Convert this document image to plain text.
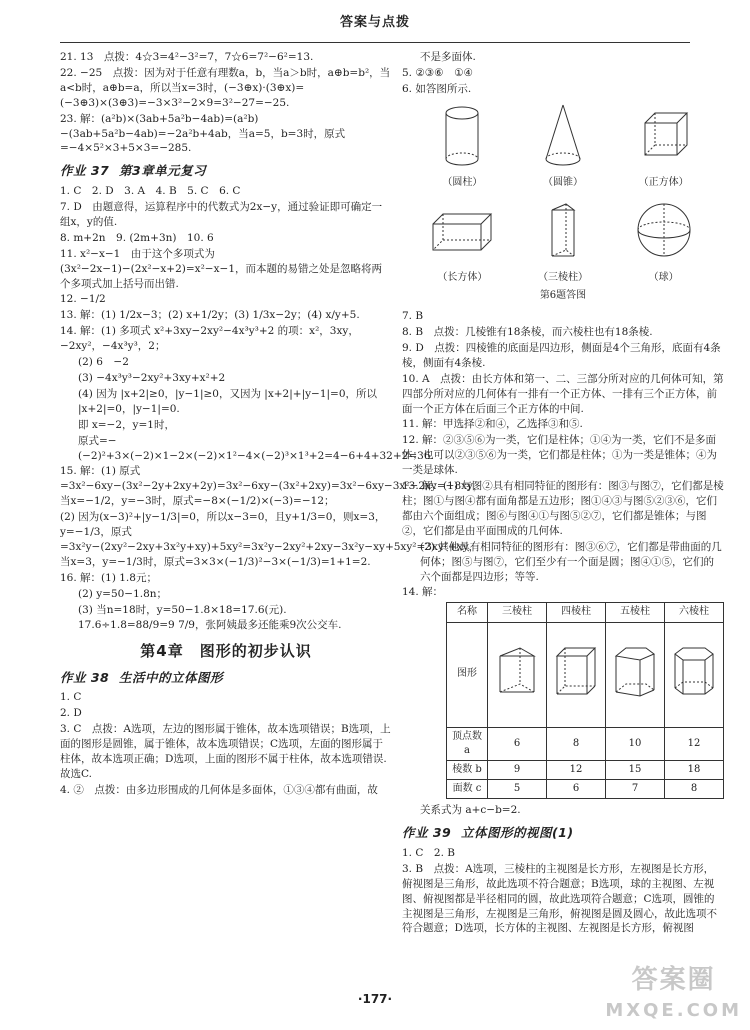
答案与点拨

21. 13　点拨：4☆3=4²−3²=7，7☆6=7²−6²=13.

22. −25　点拨：因为对于任意有理数a，b，当a＞b时，a⊕b=b²，当a<b时，a⊕b=a，所以当x=3时，(−3⊕x)·(3⊕x)=(−3⊕3)×(3⊕3)=−3×3²−2×9=3²−27=−25.

23. 解：(a²b)×(3ab+5a²b−4ab)=(a²b)−(3ab+5a²b−4ab)=−2a²b+4ab，当a=5，b=3时，原式=−4×5²×3+5×3=−285.

作业 37 第3章单元复习

1. C　2. D　3. A　4. B　5. C　6. C

7. D　由题意得，运算程序中的代数式为2x−y，通过验证即可确定一组x，y的值.

8. m+2n　9. (2m+3n)　10. 6

11. x²−x−1　由于这个多项式为(3x²−2x−1)−(2x²−x+2)=x²−x−1，而本题的易错之处是忽略将两个多项式加上括号而出错.

12. −1/2

13. 解：(1) 1/2x−3；(2) x+1/2y；(3) 1/3x−2y；(4) x/y+5.

14. 解：(1) 多项式 x²+3xy−2xy²−4x³y³+2 的项：x²，3xy，−2xy²，−4x³y³，2；

(2) 6　−2

(3) −4x³y³−2xy²+3xy+x²+2

(4) 因为 |x+2|≥0，|y−1|≥0，又因为 |x+2|+|y−1|=0，所以 |x+2|=0，|y−1|=0.

即 x=−2，y=1时，

原式=−(−2)²+3×(−2)×1−2×(−2)×1²−4×(−2)³×1³+2=4−6+4+32+2=36.

15. 解：(1) 原式=3x²−6xy−(3x²−2y+2xy+2y)=3x²−6xy−(3x²+2xy)=3x²−6xy−3x²−2xy=−8xy，当x=−1/2，y=−3时，原式=−8×(−1/2)×(−3)=−12；

(2) 因为(x−3)²+|y−1/3|=0，所以x−3=0，且y+1/3=0，则x=3，y=−1/3，原式=3x²y−(2xy²−2xy+3x²y+xy)+5xy²=3x²y−2xy²+2xy−3x²y−xy+5xy²=3xy²+xy，当x=3，y=−1/3时，原式=3×3×(−1/3)²−3×(−1/3)=1+1=2.

16. 解：(1) 1.8元；

(2) y=50−1.8n；

(3) 当n=18时，y=50−1.8×18=17.6(元).

17.6÷1.8=88/9=9 7/9，张阿姨最多还能乘9次公交车.

第4章　图形的初步认识
作业 38 生活中的立体图形

1. C

2. D

3. C　点拨：A选项，左边的图形属于锥体，故本选项错误；B选项，上面的图形是圆锥，属于锥体，故本选项错误；C选项，左面的图形属于柱体，故本选项正确；D选项，上面的图形不属于柱体，故本选项错误. 故选C.

4. ②　点拨：由多边形围成的几何体是多面体，①③④都有曲面，故

不是多面体.

5. ②③⑥　①④

6. 如答图所示.

（圆柱）	（圆锥）	（正方体）
（长方体）	（三棱柱）	（球）
第6题答图

7. B

8. B　点拨：几棱锥有18条棱，而六棱柱也有18条棱.

9. D　点拨：四棱锥的底面是四边形，侧面是4个三角形，底面有4条棱，侧面有4条棱.

10. A　点拨：由长方体和第一、二、三部分所对应的几何体可知，第四部分所对应的几何体有一排有一个正方体、一排有三个正方体，前面一个正方体在后面三个正方体的中间.

11. 解：甲选择②和④，乙选择③和⑤.

12. 解：②③⑤⑥为一类，它们是柱体；①④为一类，它们不是多面体；也可以②③⑤⑥为一类，它们都是柱体；①为一类是锥体；④为一类是球体.

13. 解：(1) 与图②具有相同特征的图形有：图③与图⑦，它们都是棱柱；图①与图④都有面角都是五边形；图①④③与图⑤②③⑥，它们都由六个面组成；图⑥与图④①与图⑤②⑦，它们都是锥体；与图②，它们都是由平面围成的几何体.

(2) 其他具有相同特征的图形有：图③⑥⑦，它们都是带曲面的几何体；图⑤与图⑦，它们至少有一个面是圆；图④①⑤，它们的六个面都是四边形；等等.

14. 解：

名称	三棱柱	四棱柱	五棱柱	六棱柱
图形				
顶点数 a	6	8	10	12
棱数 b	9	12	15	18
面数 c	5	6	7	8

关系式为 a+c−b=2.

作业 39 立体图形的视图(1)

1. C　2. B

3. B　点拨：A选项，三棱柱的主视图是长方形，左视图是长方形，俯视图是三角形，故此选项不符合题意；B选项，球的主视图、左视图、俯视图都是半径相同的圆，故此选项符合题意；C选项，圆锥的主视图是三角形，左视图是三角形，俯视图是圆及圆心，故此选项不符合题意；D选项，长方体的主视图、左视图是长方形，俯视图

·177·
答案圈
MXQE.COM
